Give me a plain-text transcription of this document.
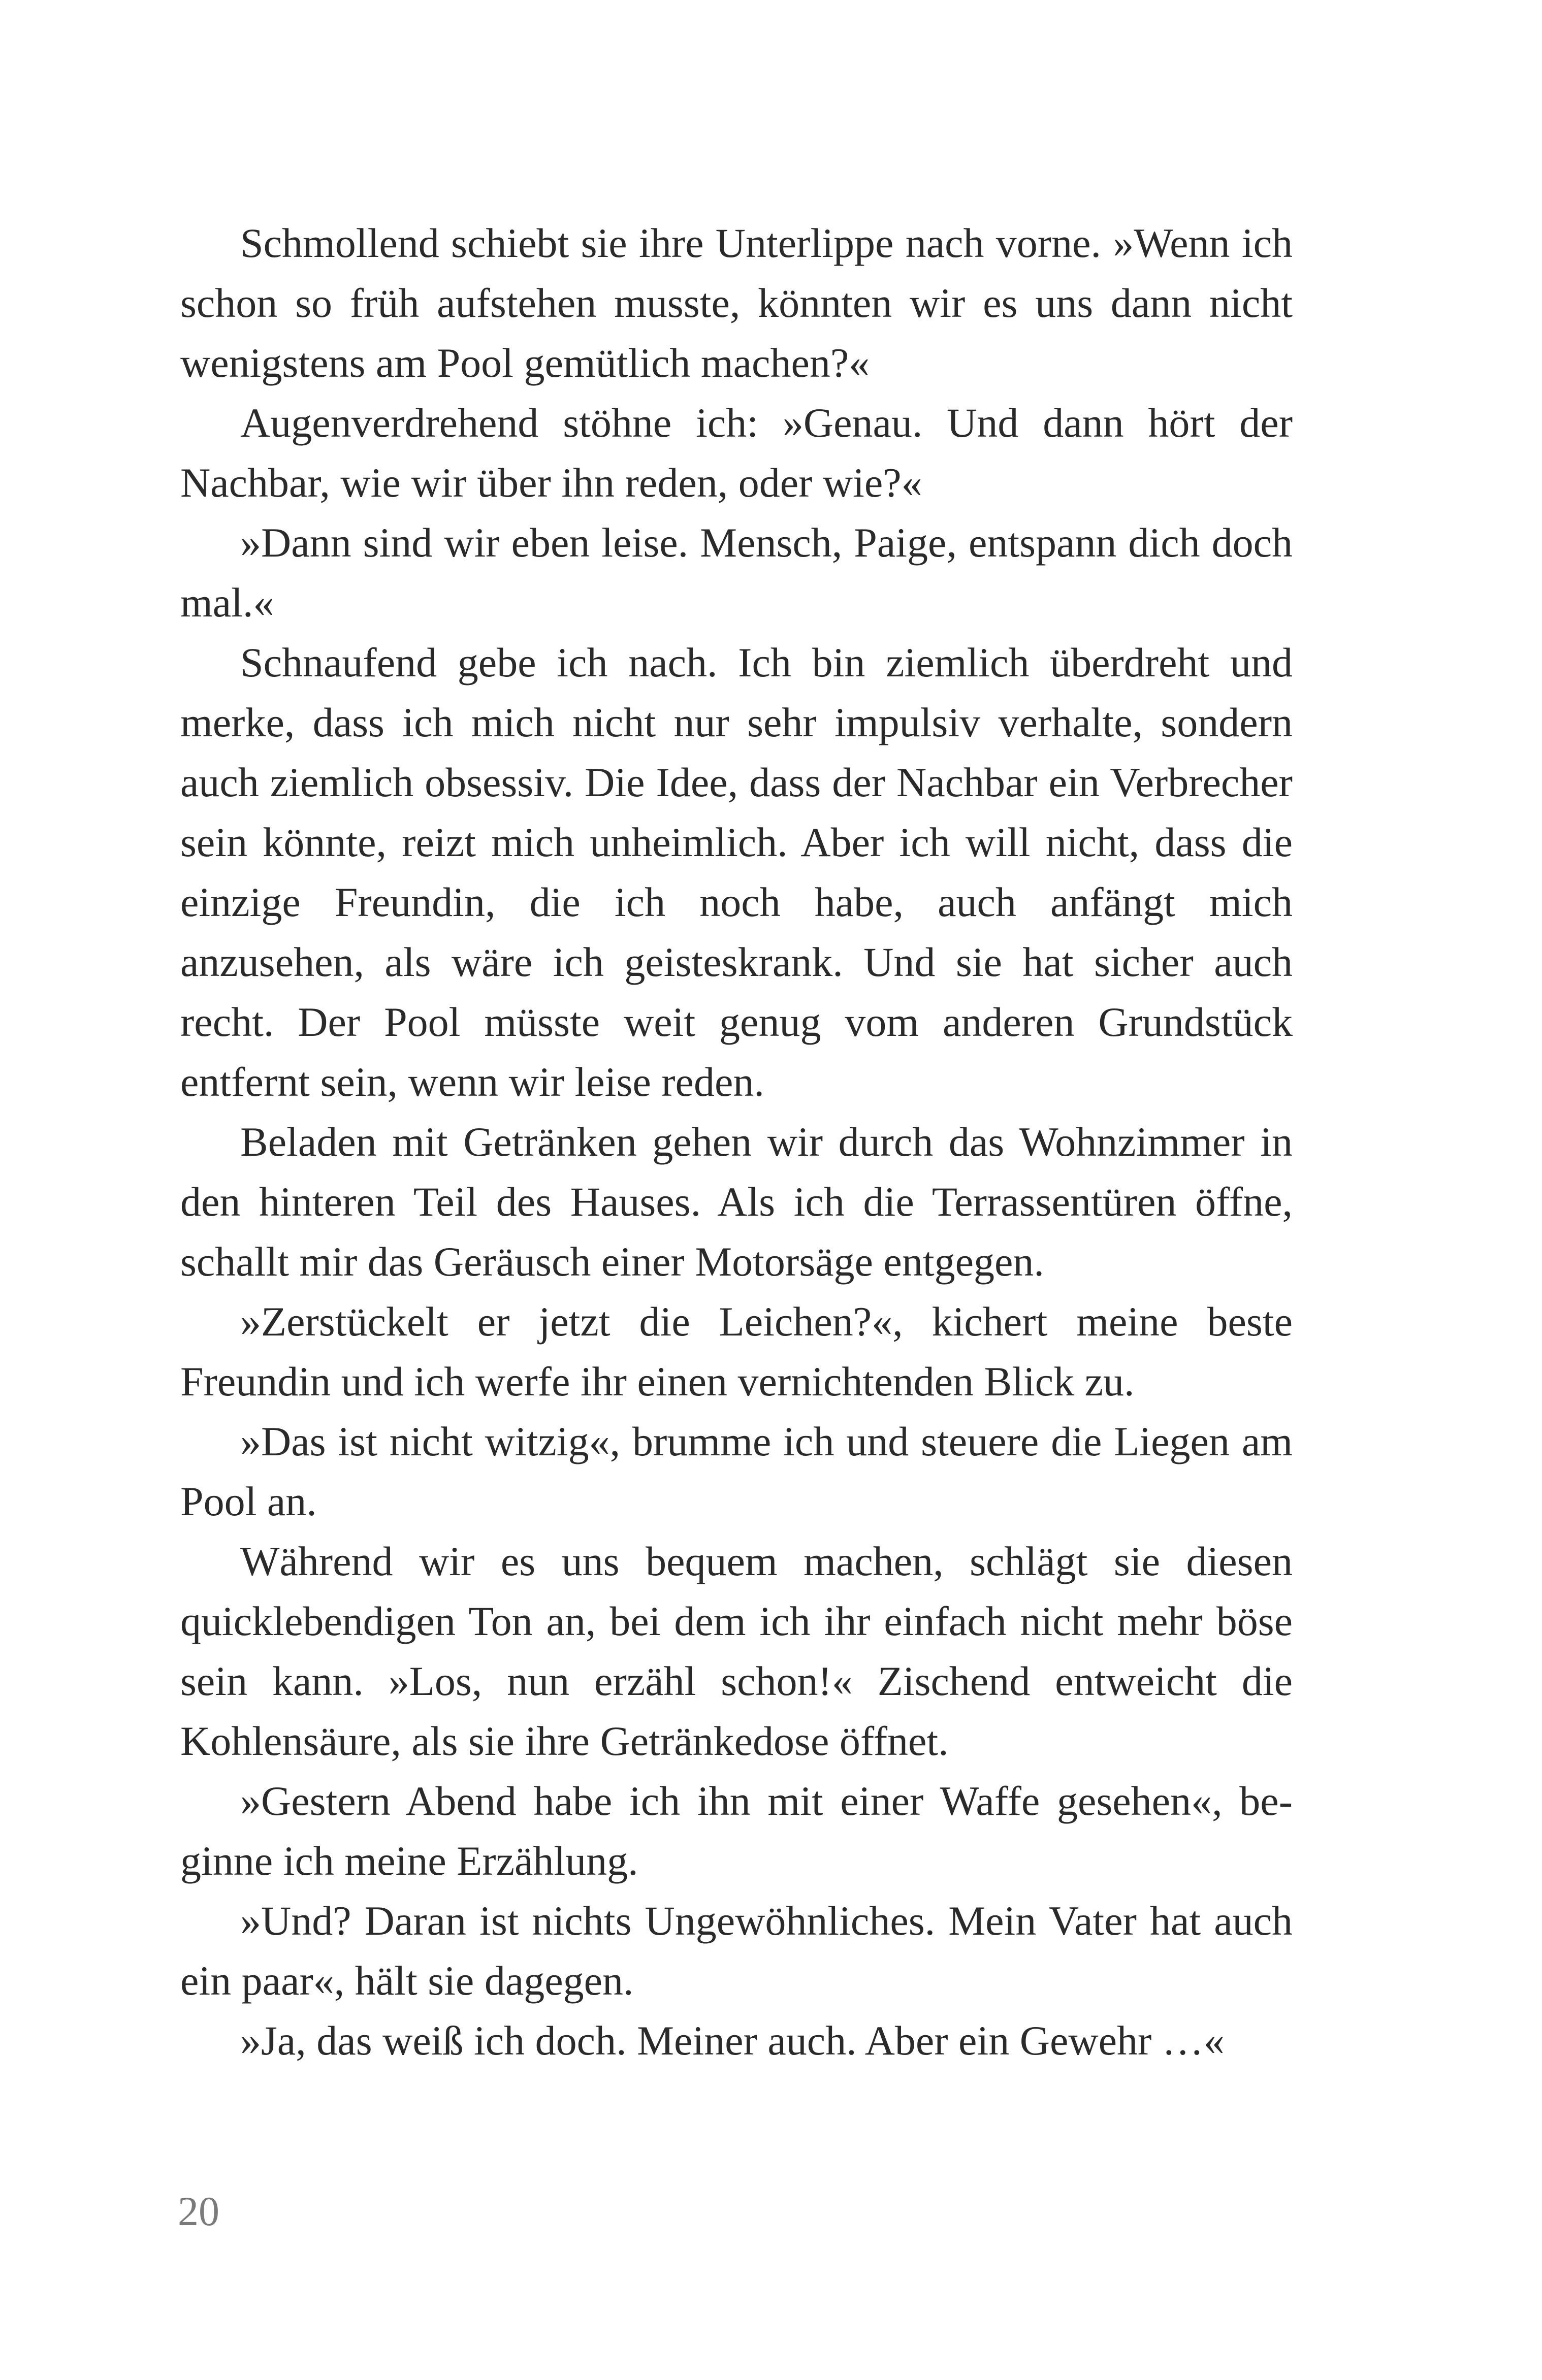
Schmollend schiebt sie ihre Unterlippe nach vorne. »Wenn ich schon so früh aufstehen musste, könnten wir es uns dann nicht wenigstens am Pool gemütlich machen?«

Augenverdrehend stöhne ich: »Genau. Und dann hört der Nachbar, wie wir über ihn reden, oder wie?«

»Dann sind wir eben leise. Mensch, Paige, entspann dich doch mal.«

Schnaufend gebe ich nach. Ich bin ziemlich überdreht und merke, dass ich mich nicht nur sehr impulsiv verhalte, sondern auch ziemlich obsessiv. Die Idee, dass der Nachbar ein Verbrecher sein könnte, reizt mich unheimlich. Aber ich will nicht, dass die einzige Freundin, die ich noch habe, auch anfängt mich anzusehen, als wäre ich geisteskrank. Und sie hat sicher auch recht. Der Pool müsste weit genug vom anderen Grundstück entfernt sein, wenn wir leise reden.

Beladen mit Getränken gehen wir durch das Wohnzimmer in den hinteren Teil des Hauses. Als ich die Terrassentüren öffne, schallt mir das Geräusch einer Motorsäge entgegen.

»Zerstückelt er jetzt die Leichen?«, kichert meine beste Freundin und ich werfe ihr einen vernichtenden Blick zu.

»Das ist nicht witzig«, brumme ich und steuere die Liegen am Pool an.

Während wir es uns bequem machen, schlägt sie diesen quicklebendigen Ton an, bei dem ich ihr einfach nicht mehr böse sein kann. »Los, nun erzähl schon!« Zischend entweicht die Kohlensäure, als sie ihre Getränkedose öffnet.

»Gestern Abend habe ich ihn mit einer Waffe gesehen«, beginne ich meine Erzählung.

»Und? Daran ist nichts Ungewöhnliches. Mein Vater hat auch ein paar«, hält sie dagegen.

»Ja, das weiß ich doch. Meiner auch. Aber ein Gewehr …«

20
